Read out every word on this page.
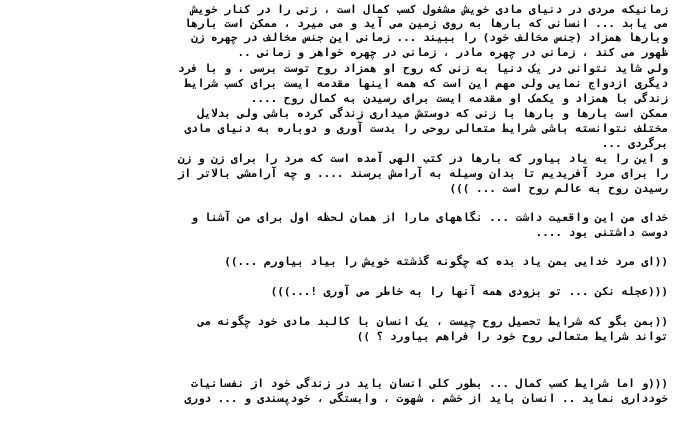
زمانیکه مردی در دنیای مادی خویش مشغول کسب کمال است ، زنی را در کنار خویش
می یابد ... انسانی که بارها به روی زمین می آید و می میرد ، ممکن است بارها
وبارها همزاد (جنس مخالف خود) را ببیند ... زمانی این جنس مخالف در چهره زن
ظهور می کند ، زمانی در چهره مادر ، زمانی در چهره خواهر و زمانی ..
ولی شاید نتوانی در یک دنیا به زنی که روح او همزاد روح توست برسی ، و با فرد
دیگری ازدواج نمایی ولی مهم این است که همه اینها مقدمه ایست برای کسب شرایط
زندگی با همزاد و یکمک او مقدمه ایست برای رسیدن به کمال روح ....
ممکن است بارها و بارها با زنی که دوستش میداری زندگی کرده باشی ولی بدلایل
مختلف نتوانسته باشی شرایط متعالی روحی را بدست آوری و دوباره به دنیای مادی
برگردی ...
و این را به یاد بیاور که بارها در کتب الهی آمده است که مرد را برای زن و زن
را برای مرد آفریدیم تا بدان وسیله به آرامش برسند .... و چه آرامشی بالاتر از
رسیدن روح به عالم روح است ... )))
خدای من این واقعیت داشت ... نگاههای مارا از همان لحظه اول برای من آشنا و
دوست داشتنی بود ....
((ای مرد خدایی بمن یاد بده که چگونه گذشته خویش را بیاد بیاورم ...))
(((عجله نکن ... تو بزودی همه آنها را به خاطر می آوری !...)))
((بمن بگو که شرایط تحصیل روح چیست ، یک انسان با کالبد مادی خود چگونه می
تواند شرایط متعالی روح خود را فراهم بیاورد ؟ ))
(((و اما شرایط کسب کمال ... بطور کلی انسان باید در زندگی خود از نفسانیات
خودداری نماید .. انسان باید از خشم ، شهوت ، وابستگی ، خودپسندی و ... دوری
